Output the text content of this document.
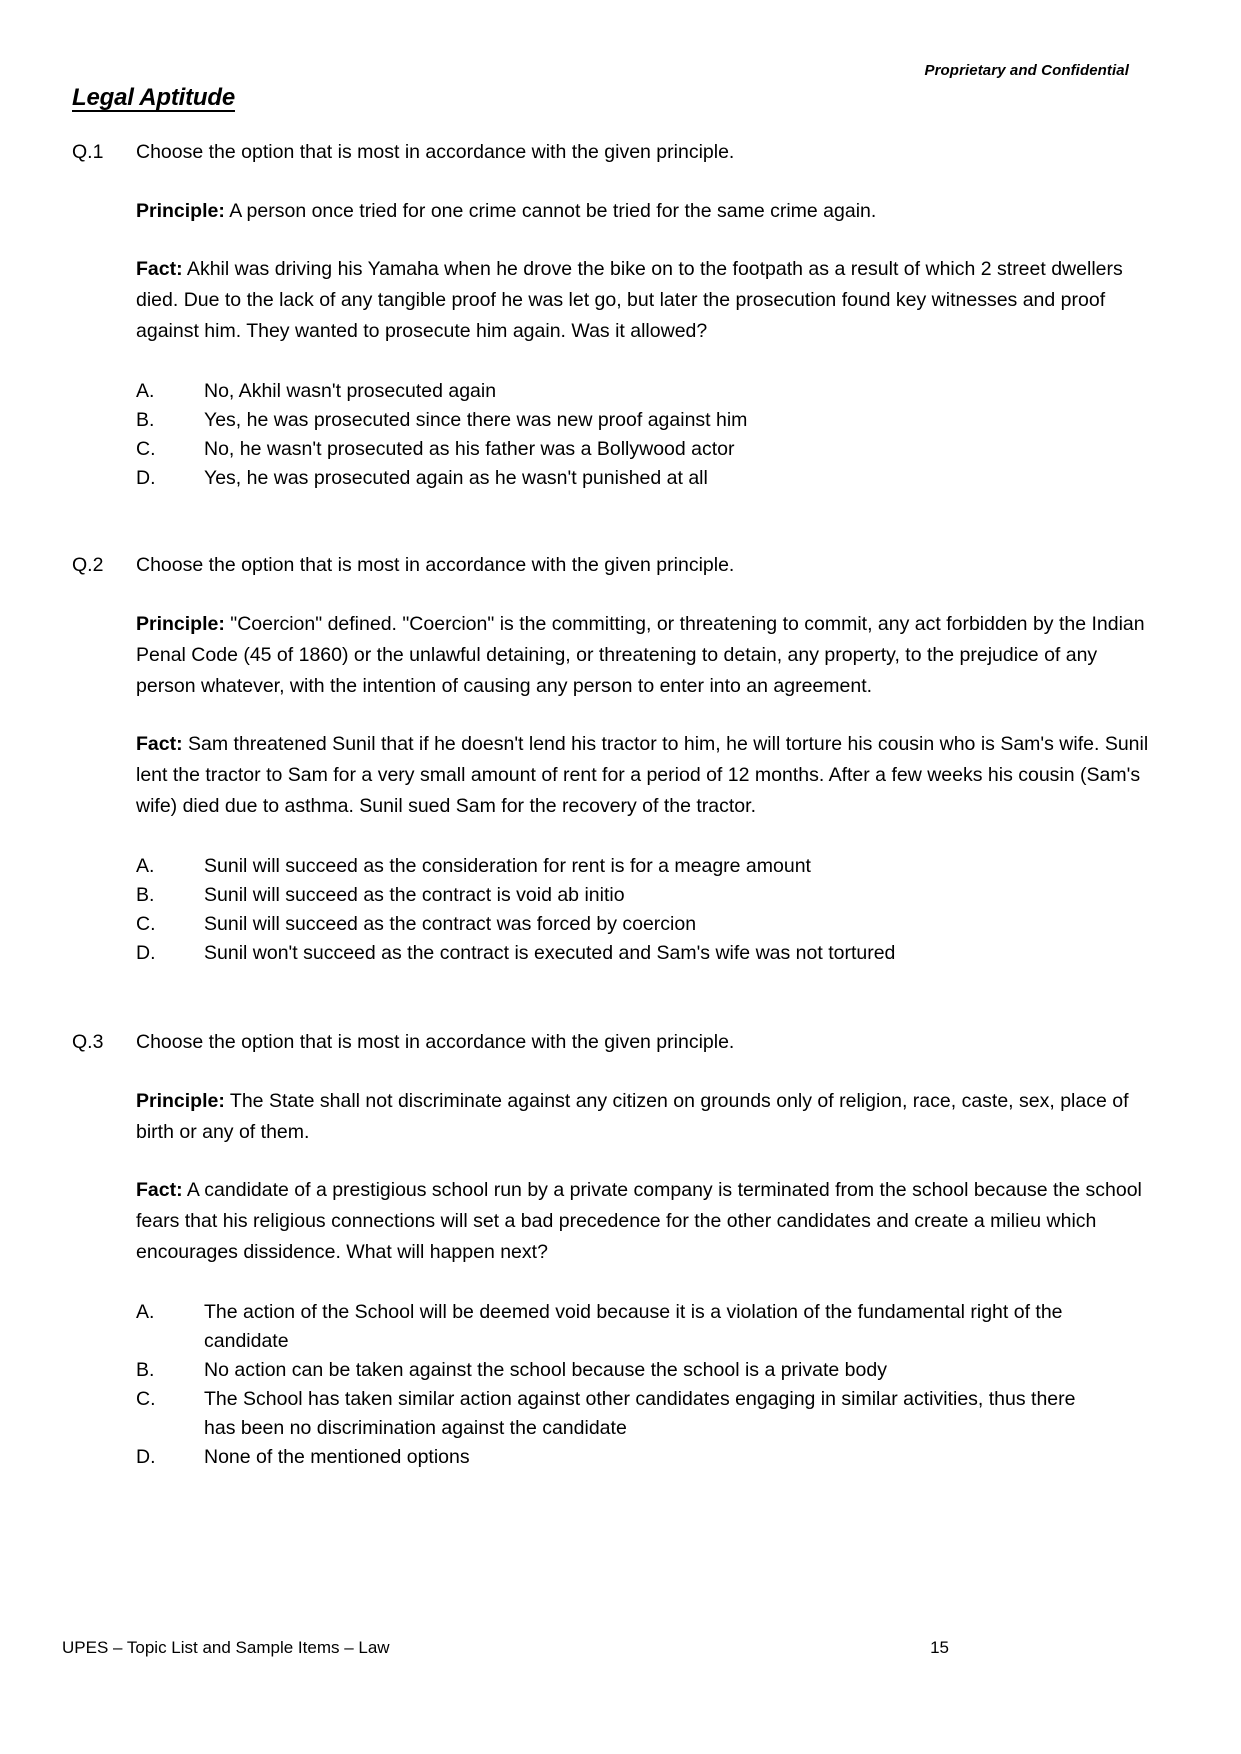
Proprietary and Confidential
Legal Aptitude
Q.1	Choose the option that is most in accordance with the given principle.
Principle: A person once tried for one crime cannot be tried for the same crime again.
Fact: Akhil was driving his Yamaha when he drove the bike on to the footpath as a result of which 2 street dwellers died. Due to the lack of any tangible proof he was let go, but later the prosecution found key witnesses and proof against him. They wanted to prosecute him again. Was it allowed?
A.	No, Akhil wasn't prosecuted again
B.	Yes, he was prosecuted since there was new proof against him
C.	No, he wasn't prosecuted as his father was a Bollywood actor
D.	Yes, he was prosecuted again as he wasn't punished at all
Q.2	Choose the option that is most in accordance with the given principle.
Principle: "Coercion" defined. "Coercion" is the committing, or threatening to commit, any act forbidden by the Indian Penal Code (45 of 1860) or the unlawful detaining, or threatening to detain, any property, to the prejudice of any person whatever, with the intention of causing any person to enter into an agreement.
Fact: Sam threatened Sunil that if he doesn't lend his tractor to him, he will torture his cousin who is Sam's wife. Sunil lent the tractor to Sam for a very small amount of rent for a period of 12 months. After a few weeks his cousin (Sam's wife) died due to asthma. Sunil sued Sam for the recovery of the tractor.
A.	Sunil will succeed as the consideration for rent is for a meagre amount
B.	Sunil will succeed as the contract is void ab initio
C.	Sunil will succeed as the contract was forced by coercion
D.	Sunil won't succeed as the contract is executed and Sam's wife was not tortured
Q.3	Choose the option that is most in accordance with the given principle.
Principle: The State shall not discriminate against any citizen on grounds only of religion, race, caste, sex, place of birth or any of them.
Fact: A candidate of a prestigious school run by a private company is terminated from the school because the school fears that his religious connections will set a bad precedence for the other candidates and create a milieu which encourages dissidence. What will happen next?
A.	The action of the School will be deemed void because it is a violation of the fundamental right of the candidate
B.	No action can be taken against the school because the school is a private body
C.	The School has taken similar action against other candidates engaging in similar activities, thus there has been no discrimination against the candidate
D.	None of the mentioned options
UPES – Topic List and Sample Items – Law	15
